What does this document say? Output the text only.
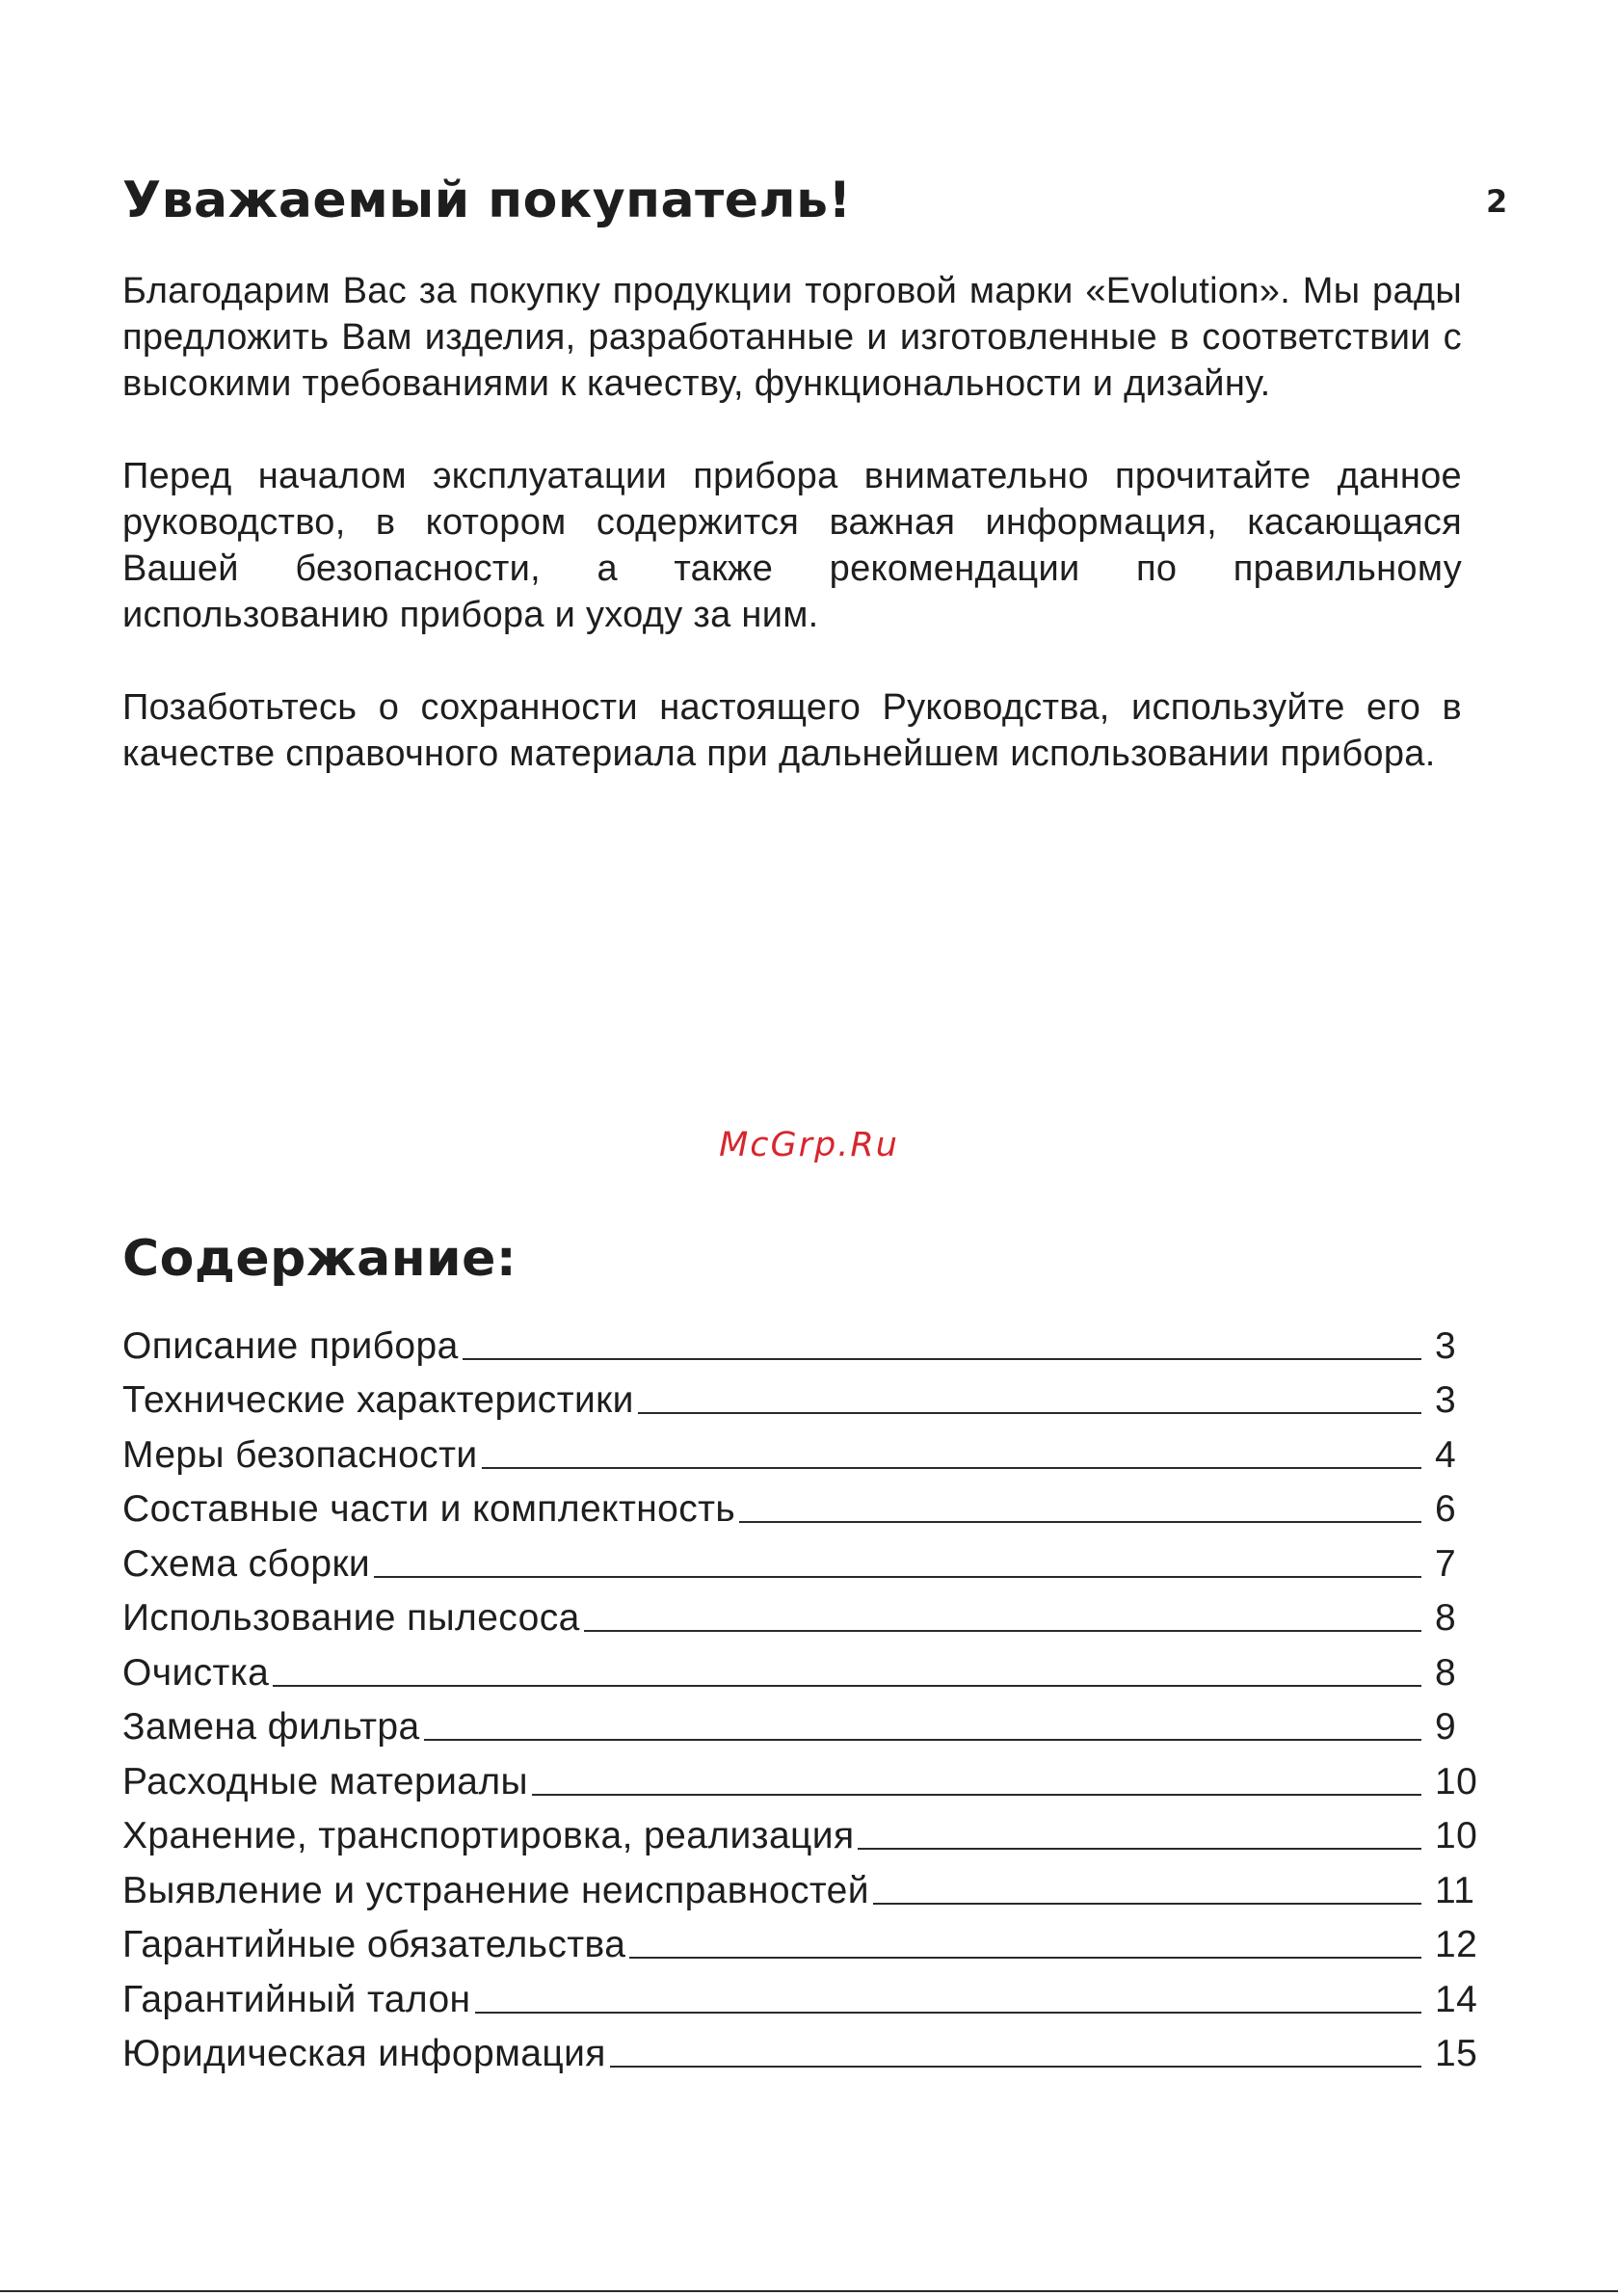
2
Уважаемый покупатель!

Благодарим Вас за покупку продукции торговой марки «Evolution». Мы рады предложить Вам изделия, разработанные и изготовленные в соответствии с высокими требованиями к качеству, функциональности и дизайну.

Перед началом эксплуатации прибора внимательно прочитайте данное руководство, в котором содержится важная информация, касающаяся Вашей безопасности, а также рекомендации по правильному использованию прибора и уходу за ним.

Позаботьтесь о сохранности настоящего Руководства, используйте его в качестве справочного материала при дальнейшем использовании прибора.

McGrp.Ru
Содержание:
Описание прибора	3
Технические характеристики	3
Меры безопасности	4
Составные части и комплектность	6
Схема сборки	7
Использование пылесоса	8
Очистка	8
Замена фильтра	9
Расходные материалы	10
Хранение, транспортировка, реализация	10
Выявление и устранение неисправностей	11
Гарантийные обязательства	12
Гарантийный талон	14
Юридическая информация	15
